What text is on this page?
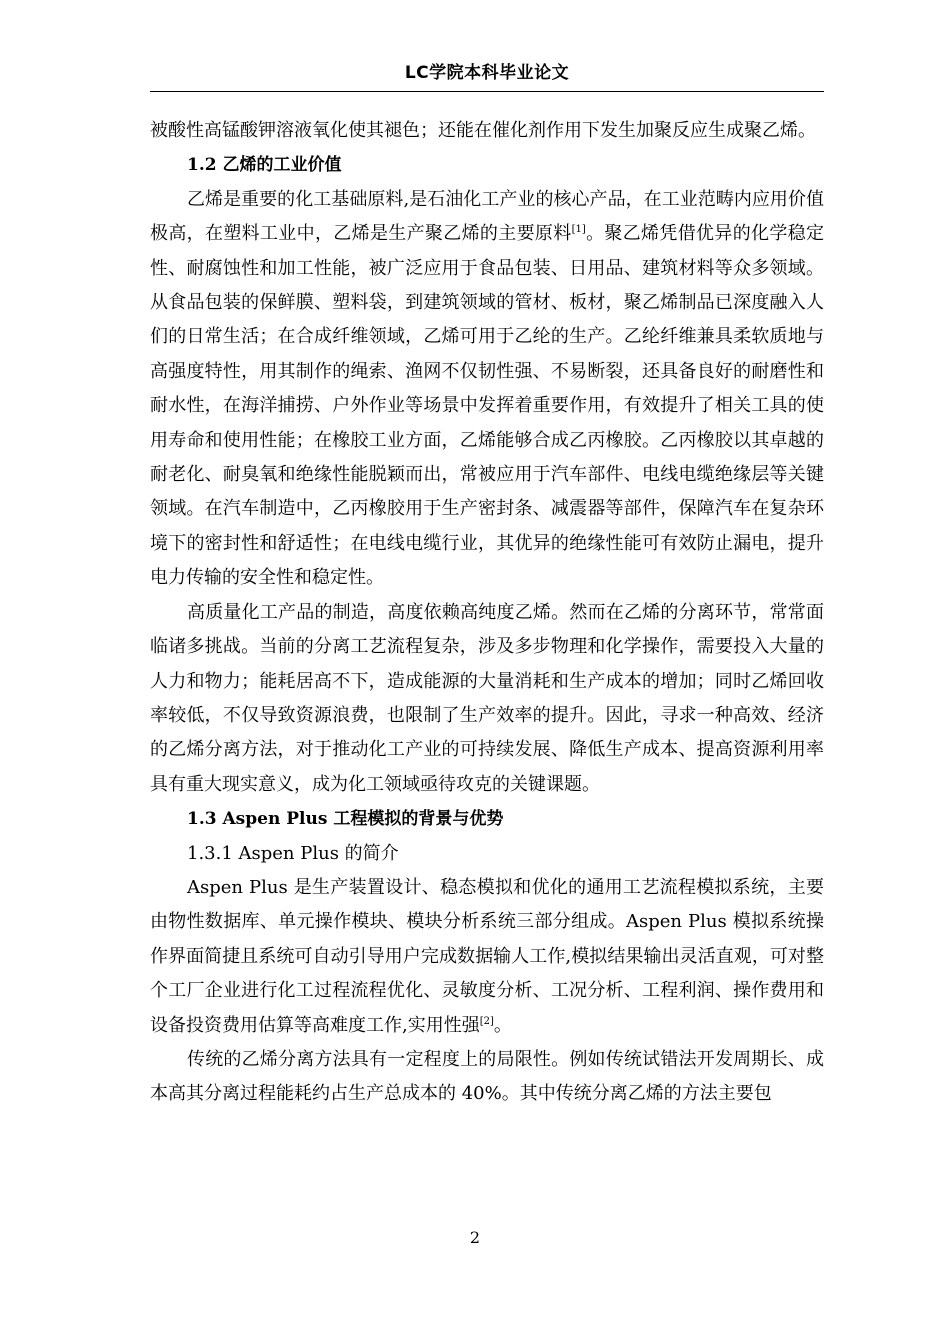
LC学院本科毕业论文

被酸性高锰酸钾溶液氧化使其褪色；还能在催化剂作用下发生加聚反应生成聚乙烯。

1.2 乙烯的工业价值

乙烯是重要的化工基础原料,是石油化工产业的核心产品，在工业范畴内应用价值极高，在塑料工业中，乙烯是生产聚乙烯的主要原料[1]。聚乙烯凭借优异的化学稳定性、耐腐蚀性和加工性能，被广泛应用于食品包装、日用品、建筑材料等众多领域。从食品包装的保鲜膜、塑料袋，到建筑领域的管材、板材，聚乙烯制品已深度融入人们的日常生活；在合成纤维领域，乙烯可用于乙纶的生产。乙纶纤维兼具柔软质地与高强度特性，用其制作的绳索、渔网不仅韧性强、不易断裂，还具备良好的耐磨性和耐水性，在海洋捕捞、户外作业等场景中发挥着重要作用，有效提升了相关工具的使用寿命和使用性能；在橡胶工业方面，乙烯能够合成乙丙橡胶。乙丙橡胶以其卓越的耐老化、耐臭氧和绝缘性能脱颖而出，常被应用于汽车部件、电线电缆绝缘层等关键领域。在汽车制造中，乙丙橡胶用于生产密封条、减震器等部件，保障汽车在复杂环境下的密封性和舒适性；在电线电缆行业，其优异的绝缘性能可有效防止漏电，提升电力传输的安全性和稳定性。

高质量化工产品的制造，高度依赖高纯度乙烯。然而在乙烯的分离环节，常常面临诸多挑战。当前的分离工艺流程复杂，涉及多步物理和化学操作，需要投入大量的人力和物力；能耗居高不下，造成能源的大量消耗和生产成本的增加；同时乙烯回收率较低，不仅导致资源浪费，也限制了生产效率的提升。因此，寻求一种高效、经济的乙烯分离方法，对于推动化工产业的可持续发展、降低生产成本、提高资源利用率具有重大现实意义，成为化工领域亟待攻克的关键课题。

1.3 Aspen Plus 工程模拟的背景与优势
1.3.1 Aspen Plus 的简介

Aspen Plus 是生产装置设计、稳态模拟和优化的通用工艺流程模拟系统，主要由物性数据库、单元操作模块、模块分析系统三部分组成。Aspen Plus 模拟系统操作界面简捷且系统可自动引导用户完成数据输人工作,模拟结果输出灵活直观，可对整个工厂企业进行化工过程流程优化、灵敏度分析、工况分析、工程利润、操作费用和设备投资费用估算等高难度工作,实用性强[2]。

传统的乙烯分离方法具有一定程度上的局限性。例如传统试错法开发周期长、成本高其分离过程能耗约占生产总成本的 40%。其中传统分离乙烯的方法主要包

2
